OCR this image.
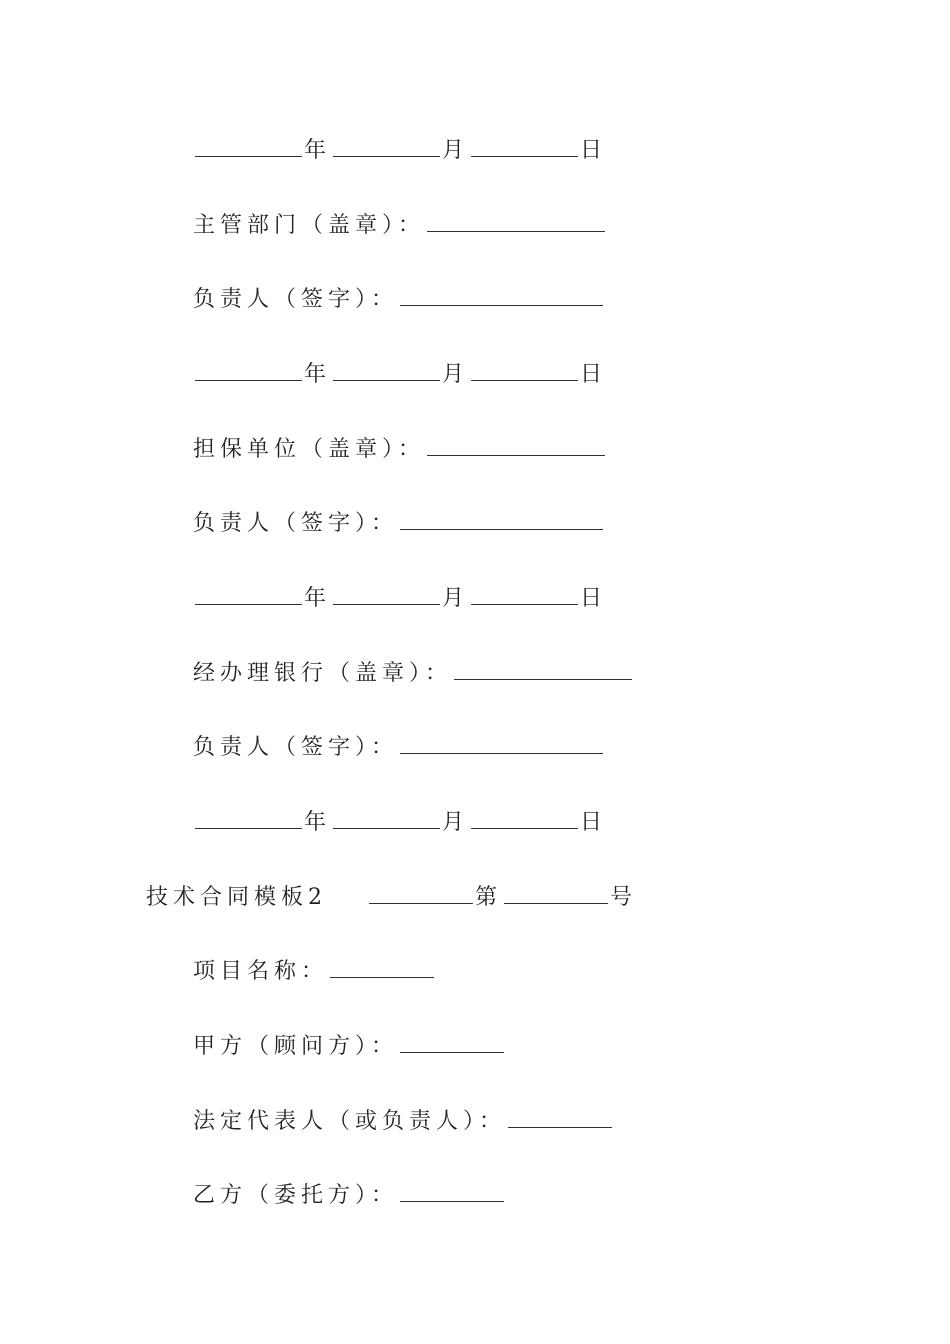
年	月	日
主管部门（盖章）：
负责人（签字）：
年	月	日
担保单位（盖章）：
负责人（签字）：
年	月	日
经办理银行（盖章）：
负责人（签字）：
年	月	日
技术合同模板2	第	号
项目名称：
甲方（顾问方）：
法定代表人（或负责人）：
乙方（委托方）：
